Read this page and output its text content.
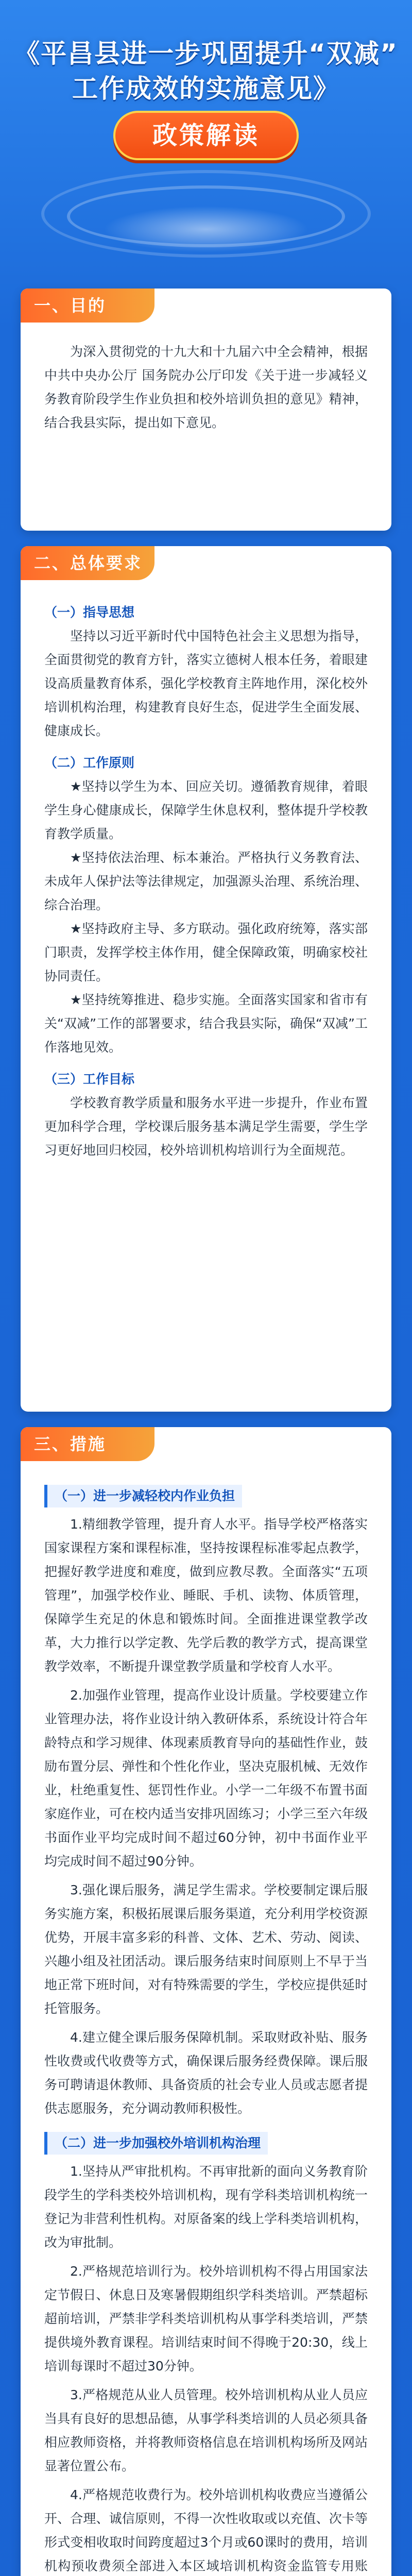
《平昌县进一步巩固提升“双减”
工作成效的实施意见》
政策解读
一、目的

为深入贯彻党的十九大和十九届六中全会精神，根据中共中央办公厅 国务院办公厅印发《关于进一步减轻义务教育阶段学生作业负担和校外培训负担的意见》精神，结合我县实际，提出如下意见。

二、总体要求
（一）指导思想

坚持以习近平新时代中国特色社会主义思想为指导，全面贯彻党的教育方针，落实立德树人根本任务，着眼建设高质量教育体系，强化学校教育主阵地作用，深化校外培训机构治理，构建教育良好生态，促进学生全面发展、健康成长。

（二）工作原则

★坚持以学生为本、回应关切。遵循教育规律，着眼学生身心健康成长，保障学生休息权利，整体提升学校教育教学质量。

★坚持依法治理、标本兼治。严格执行义务教育法、未成年人保护法等法律规定，加强源头治理、系统治理、综合治理。

★坚持政府主导、多方联动。强化政府统筹，落实部门职责，发挥学校主体作用，健全保障政策，明确家校社协同责任。

★坚持统筹推进、稳步实施。全面落实国家和省市有关“双减”工作的部署要求，结合我县实际，确保“双减”工作落地见效。

（三）工作目标

学校教育教学质量和服务水平进一步提升，作业布置更加科学合理，学校课后服务基本满足学生需要，学生学习更好地回归校园，校外培训机构培训行为全面规范。

三、措施
（一）进一步减轻校内作业负担

1.精细教学管理，提升育人水平。指导学校严格落实国家课程方案和课程标准，坚持按课程标准零起点教学，把握好教学进度和难度，做到应教尽教。全面落实“五项管理”，加强学校作业、睡眠、手机、读物、体质管理，保障学生充足的休息和锻炼时间。全面推进课堂教学改革，大力推行以学定教、先学后教的教学方式，提高课堂教学效率，不断提升课堂教学质量和学校育人水平。

2.加强作业管理，提高作业设计质量。学校要建立作业管理办法，将作业设计纳入教研体系，系统设计符合年龄特点和学习规律、体现素质教育导向的基础性作业，鼓励布置分层、弹性和个性化作业，坚决克服机械、无效作业，杜绝重复性、惩罚性作业。小学一二年级不布置书面家庭作业，可在校内适当安排巩固练习；小学三至六年级书面作业平均完成时间不超过60分钟，初中书面作业平均完成时间不超过90分钟。

3.强化课后服务，满足学生需求。学校要制定课后服务实施方案，积极拓展课后服务渠道，充分利用学校资源优势，开展丰富多彩的科普、文体、艺术、劳动、阅读、兴趣小组及社团活动。课后服务结束时间原则上不早于当地正常下班时间，对有特殊需要的学生，学校应提供延时托管服务。

4.建立健全课后服务保障机制。采取财政补贴、服务性收费或代收费等方式，确保课后服务经费保障。课后服务可聘请退休教师、具备资质的社会专业人员或志愿者提供志愿服务，充分调动教师积极性。

（二）进一步加强校外培训机构治理

1.坚持从严审批机构。不再审批新的面向义务教育阶段学生的学科类校外培训机构，现有学科类培训机构统一登记为非营利性机构。对原备案的线上学科类培训机构，改为审批制。

2.严格规范培训行为。校外培训机构不得占用国家法定节假日、休息日及寒暑假期组织学科类培训。严禁超标超前培训，严禁非学科类培训机构从事学科类培训，严禁提供境外教育课程。培训结束时间不得晚于20:30，线上培训每课时不超过30分钟。

3.严格规范从业人员管理。校外培训机构从业人员应当具有良好的思想品德，从事学科类培训的人员必须具备相应教师资格，并将教师资格信息在培训机构场所及网站显著位置公布。

4.严格规范收费行为。校外培训机构收费应当遵循公开、合理、诚信原则，不得一次性收取或以充值、次卡等形式变相收取时间跨度超过3个月或60课时的费用，培训机构预收费须全部进入本区域培训机构资金监管专用账
